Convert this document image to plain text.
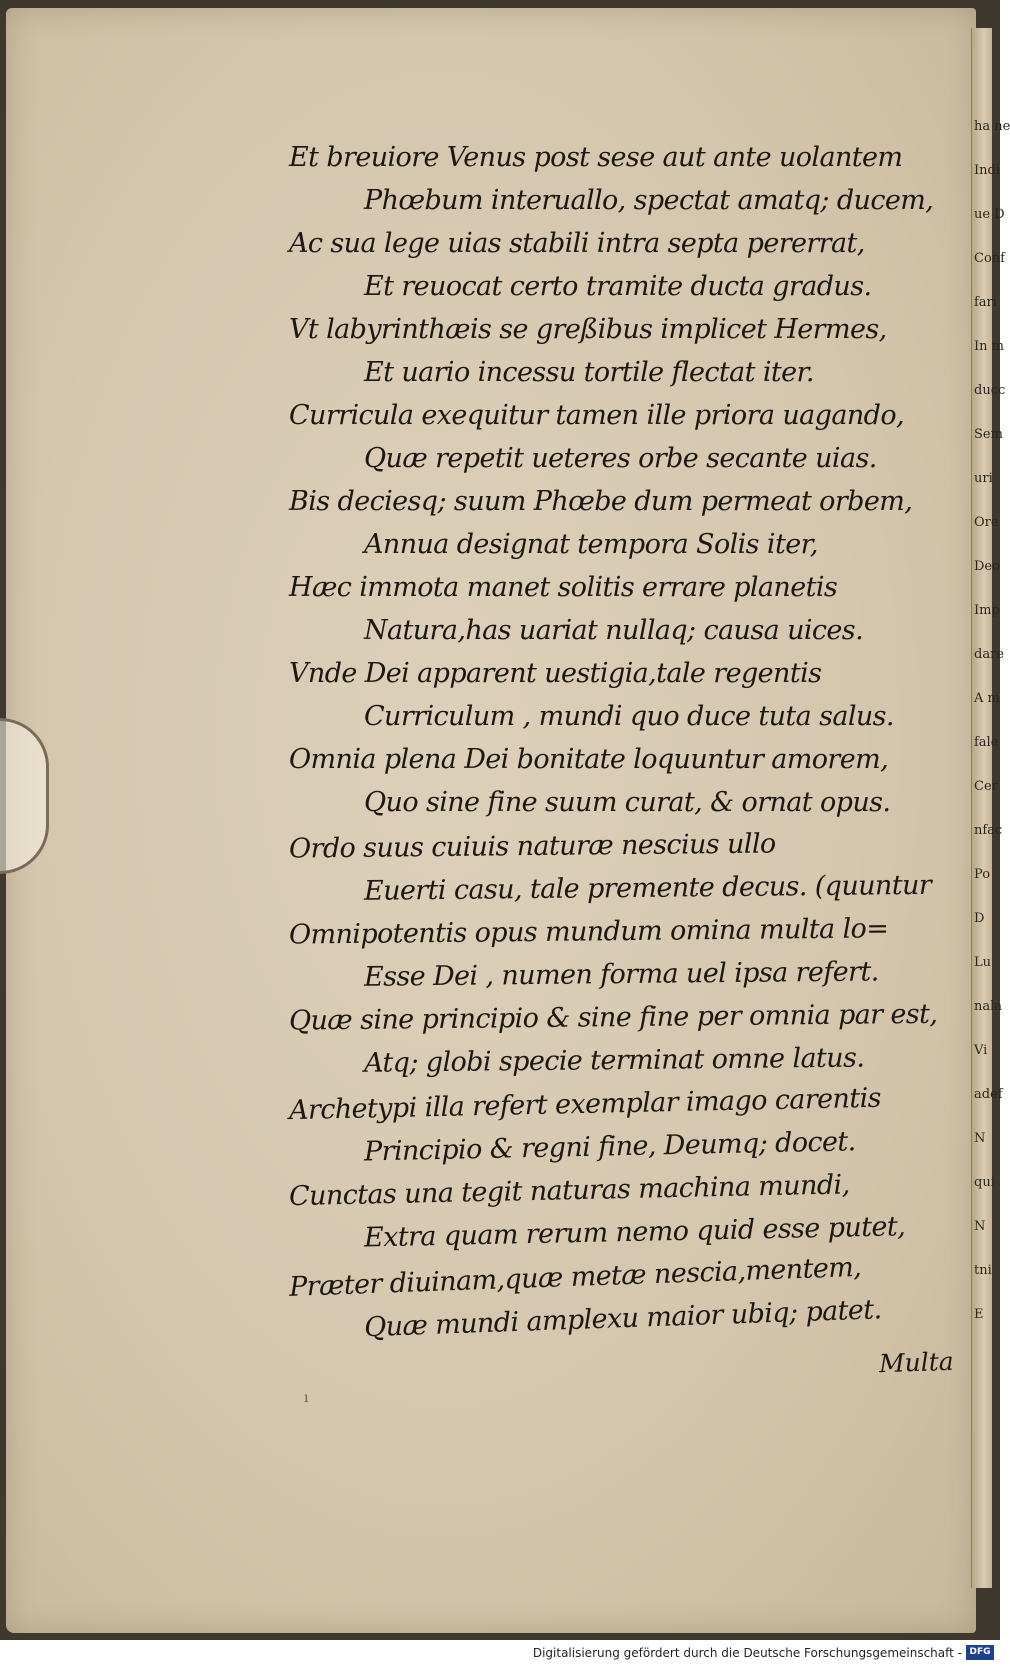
Et breuiore Venus post sese aut ante uolantem
Phœbum interuallo, spectat amatq; ducem,
Ac sua lege uias stabili intra septa pererrat,
Et reuocat certo tramite ducta gradus.
Vt labyrinthæis se greßibus implicet Hermes,
Et uario incessu tortile flectat iter.
Curricula exequitur tamen ille priora uagando,
Quæ repetit ueteres orbe secante uias.
Bis deciesq; suum Phœbe dum permeat orbem,
Annua designat tempora Solis iter,
Hæc immota manet solitis errare planetis
Natura,has uariat nullaq; causa uices.
Vnde Dei apparent uestigia,tale regentis
Curriculum , mundi quo duce tuta salus.
Omnia plena Dei bonitate loquuntur amorem,
Quo sine fine suum curat, & ornat opus.
Ordo suus cuiuis naturæ nescius ullo
Euerti casu, tale premente decus. (quuntur
Omnipotentis opus mundum omina multa lo=
Esse Dei , numen forma uel ipsa refert.
Quæ sine principio & sine fine per omnia par est,
Atq; globi specie terminat omne latus.
Archetypi illa refert exemplar imago carentis
Principio & regni fine, Deumq; docet.
Cunctas una tegit naturas machina mundi,
Extra quam rerum nemo quid esse putet,
Præter diuinam,quæ metæ nescia,mentem,
Quæ mundi amplexu maior ubiq; patet.
Multa
ı
ha ne
Indi
ue D
Conf
fari
In m
ducc
Sem
uri
Ore
Deo
Imp
dare
A m
fale
Cer
nfac
Po
D
Lu
nala
Vi
adef
N
qui
N
tni
E
Digitalisierung gefördert durch die Deutsche Forschungsgemeinschaft - DFG
